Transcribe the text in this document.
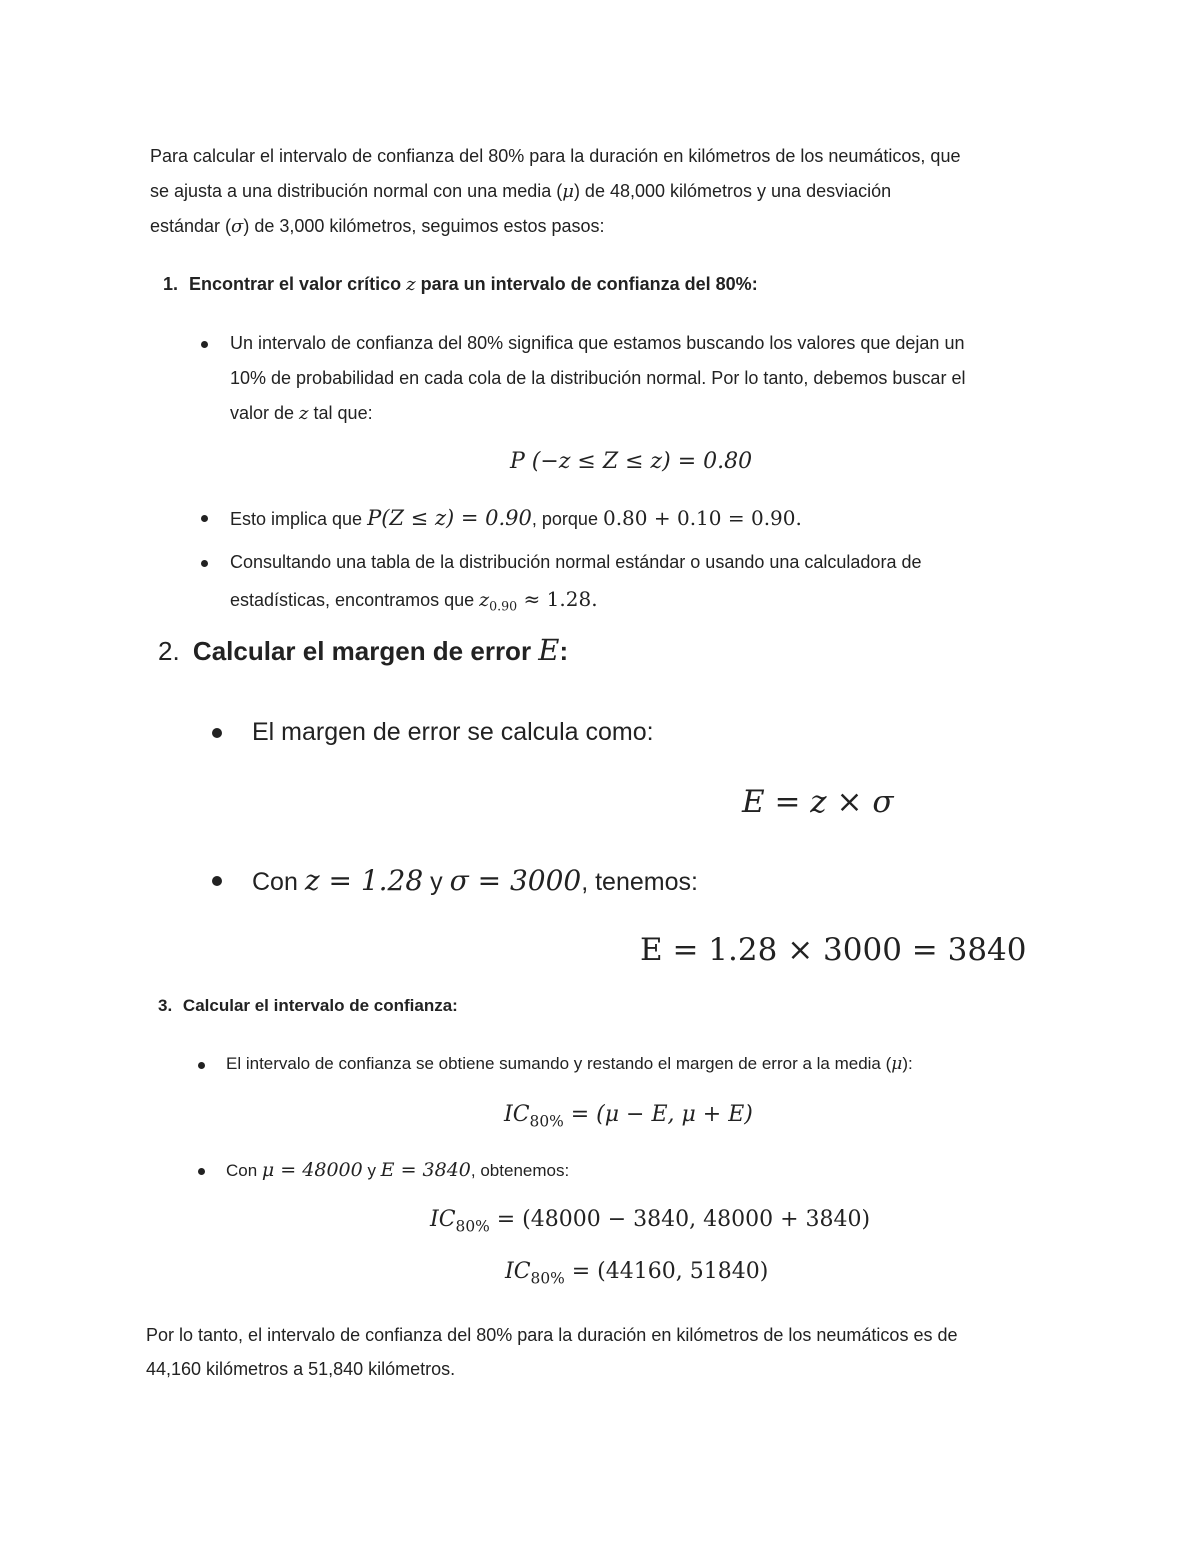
Para calcular el intervalo de confianza del 80% para la duración en kilómetros de los neumáticos, que
se ajusta a una distribución normal con una media (μ) de 48,000 kilómetros y una desviación
estándar (σ) de 3,000 kilómetros, seguimos estos pasos:
1. Encontrar el valor crítico z para un intervalo de confianza del 80%:
Un intervalo de confianza del 80% significa que estamos buscando los valores que dejan un
10% de probabilidad en cada cola de la distribución normal. Por lo tanto, debemos buscar el
valor de z tal que:
P (−z ≤ Z ≤ z) = 0.80
Esto implica que P(Z ≤ z) = 0.90, porque 0.80 + 0.10 = 0.90.
Consultando una tabla de la distribución normal estándar o usando una calculadora de
estadísticas, encontramos que $z_{0.90} \approx 1.28$.
2. Calcular el margen de error E:
El margen de error se calcula como:
E = z × σ
Con z = 1.28 y σ = 3000, tenemos:
E = 1.28 × 3000 = 3840
3. Calcular el intervalo de confianza:
El intervalo de confianza se obtiene sumando y restando el margen de error a la media (μ):
$IC_{80\%} = (\mu - E$, μ + E)
Con μ = 48000 y E = 3840, obtenemos:
$IC_{80\%} = (48000 - 3840$, 48000 + 3840)
$IC_{80\%} = (44160$, 51840)
Por lo tanto, el intervalo de confianza del 80% para la duración en kilómetros de los neumáticos es de
44,160 kilómetros a 51,840 kilómetros.
